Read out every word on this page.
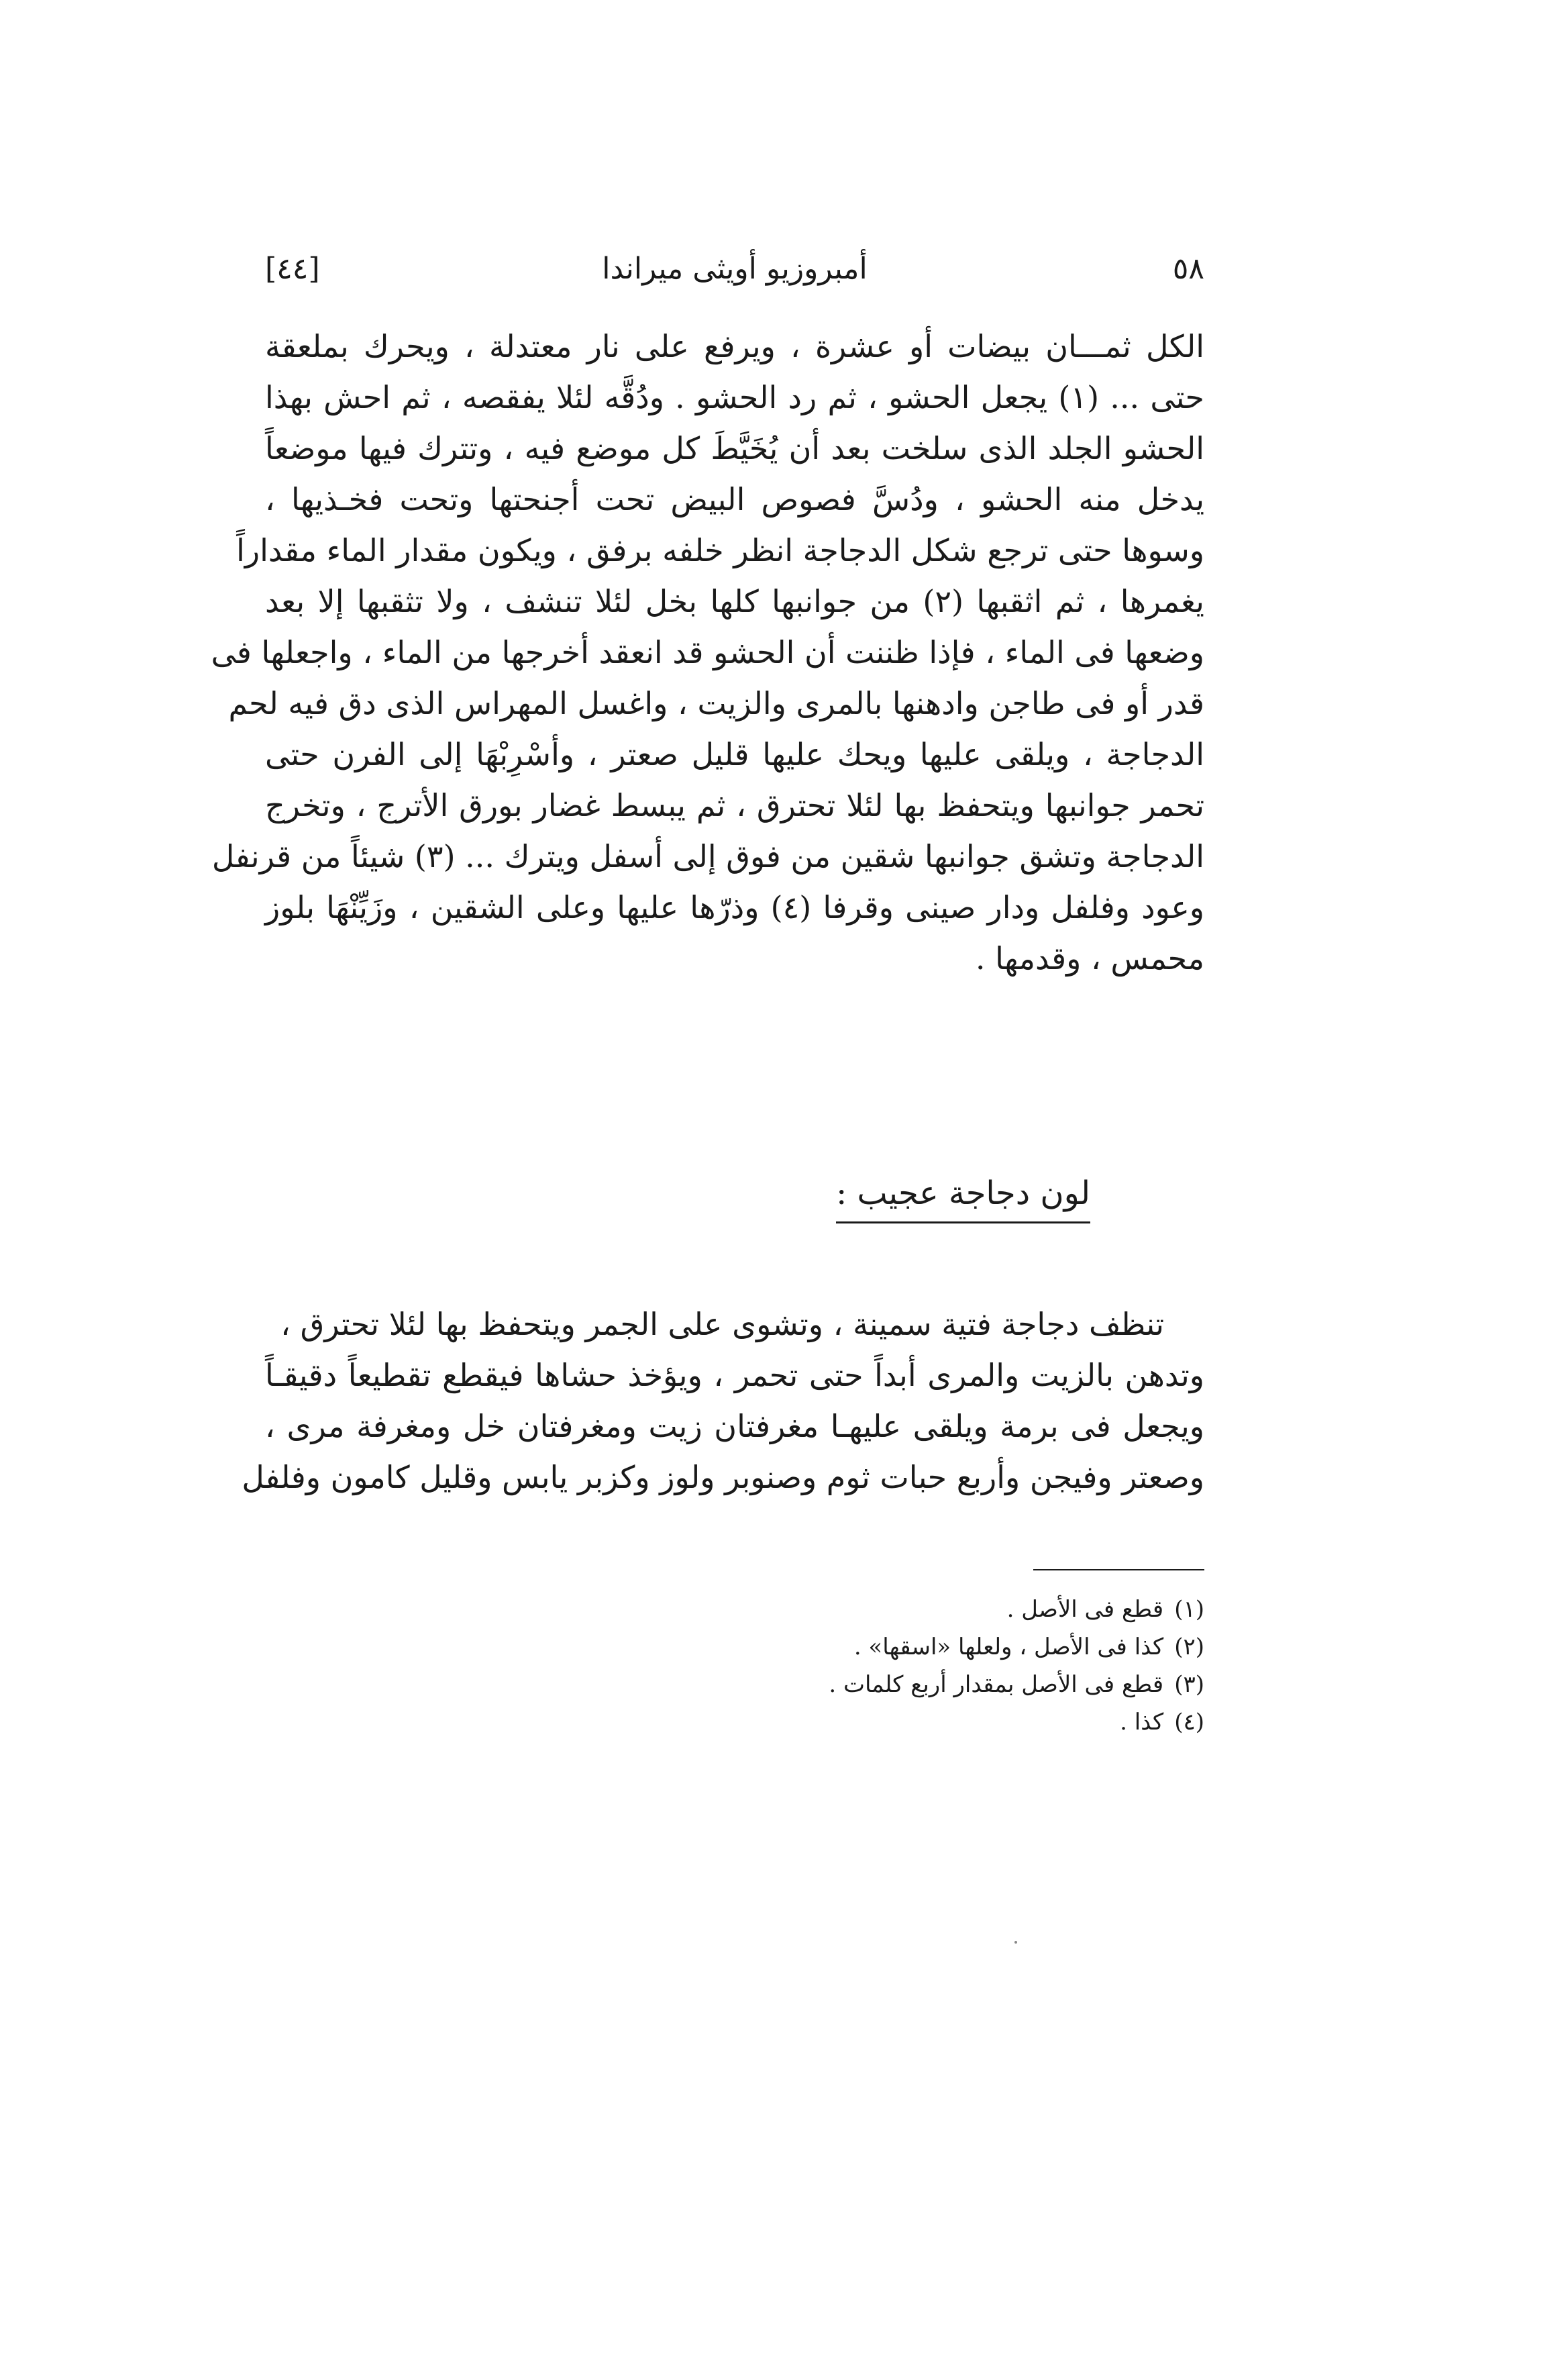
[٤٤]	أمبروزيو أويثى ميراندا	٥٨
الكل ثمـــان بيضات أو عشرة ، ويرفع على نار معتدلة ، ويحرك بملعقة
حتى ... (١) يجعل الحشو ، ثم رد الحشو . ودُقَّه لئلا يفقصه ، ثم احش بهذا
الحشو الجلد الذى سلخت بعد أن يُخَيَّطَ كل موضع فيه ، وتترك فيها موضعاً
يدخل منه الحشو ، ودُسَّ فصوص البيض تحت أجنحتها وتحت فخـذيها ،
وسوها حتى ترجع شكل الدجاجة انظر خلفه برفق ، ويكون مقدار الماء مقداراً
يغمرها ، ثم اثقبها (٢) من جوانبها كلها بخل لئلا تنشف ، ولا تثقبها إلا بعد
وضعها فى الماء ، فإذا ظننت أن الحشو قد انعقد أخرجها من الماء ، واجعلها فى
قدر أو فى طاجن وادهنها بالمرى والزيت ، واغسل المهراس الذى دق فيه لحم
الدجاجة ، ويلقى عليها ويحك عليها قليل صعتر ، وأسْرِبْهَا إلى الفرن حتى
تحمر جوانبها ويتحفظ بها لئلا تحترق ، ثم يبسط غضار بورق الأترج ، وتخرج
الدجاجة وتشق جوانبها شقين من فوق إلى أسفل ويترك ... (٣) شيئاً من قرنفل
وعود وفلفل ودار صينى وقرفا (٤) وذرّها عليها وعلى الشقين ، وزَيِّنْهَا بلوز
محمس ، وقدمها .
لون دجاجة عجيب :
تنظف دجاجة فتية سمينة ، وتشوى على الجمر ويتحفظ بها لئلا تحترق ،
وتدهن بالزيت والمرى أبداً حتى تحمر ، ويؤخذ حشاها فيقطع تقطيعاً دقيقـاً
ويجعل فى برمة ويلقى عليهـا مغرفتان زيت ومغرفتان خل ومغرفة مرى ،
وصعتر وفيجن وأربع حبات ثوم وصنوبر ولوز وكزبر يابس وقليل كامون وفلفل
(١)قطع فى الأصل .
(٢)كذا فى الأصل ، ولعلها «اسقها» .
(٣)قطع فى الأصل بمقدار أربع كلمات .
(٤)كذا .
